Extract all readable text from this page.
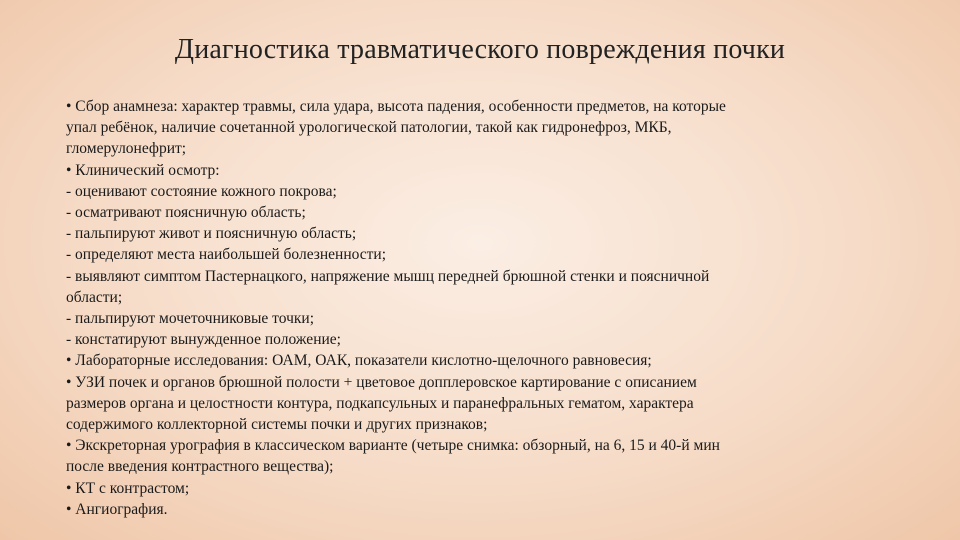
Диагностика травматического повреждения почки
• Сбор анамнеза: характер травмы, сила удара, высота падения, особенности предметов, на которые
упал ребёнок, наличие сочетанной урологической патологии, такой как гидронефроз, МКБ,
гломерулонефрит;
• Клинический осмотр:
- оценивают состояние кожного покрова;
- осматривают поясничную область;
- пальпируют живот и поясничную область;
- определяют места наибольшей болезненности;
- выявляют симптом Пастернацкого, напряжение мышц передней брюшной стенки и поясничной
области;
- пальпируют мочеточниковые точки;
- констатируют вынужденное положение;
• Лабораторные исследования: ОАМ, ОАК, показатели кислотно-щелочного равновесия;
• УЗИ почек и органов брюшной полости + цветовое допплеровское картирование с описанием
размеров органа и целостности контура, подкапсульных и паранефральных гематом, характера
содержимого коллекторной системы почки и других признаков;
• Экскреторная урография в классическом варианте (четыре снимка: обзорный, на 6, 15 и 40-й мин
после введения контрастного вещества);
• КТ с контрастом;
• Ангиография.
